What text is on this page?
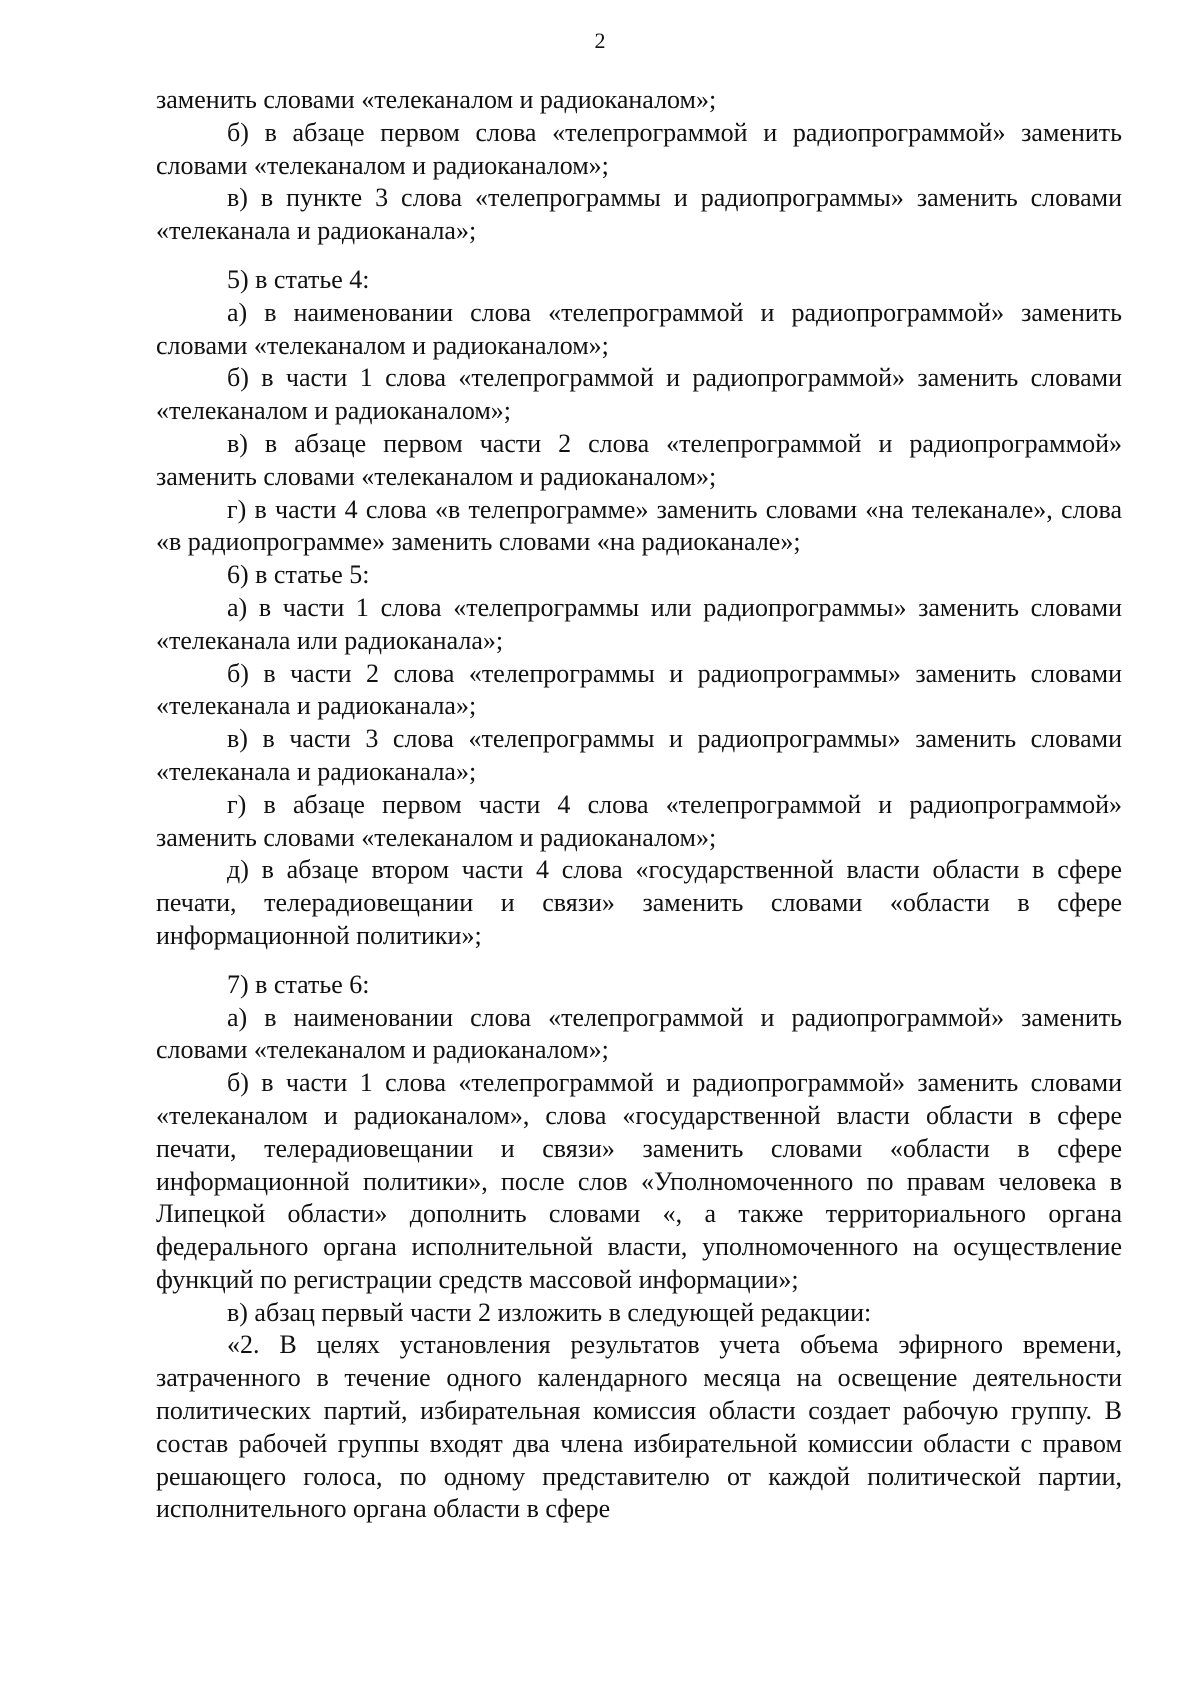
2

заменить словами «телеканалом и радиоканалом»;

б) в абзаце первом слова «телепрограммой и радиопрограммой» заменить словами «телеканалом и радиоканалом»;

в) в пункте 3 слова «телепрограммы и радиопрограммы» заменить словами «телеканала и радиоканала»;

5) в статье 4:

а) в наименовании слова «телепрограммой и радиопрограммой» заменить словами «телеканалом и радиоканалом»;

б) в части 1 слова «телепрограммой и радиопрограммой» заменить словами «телеканалом и радиоканалом»;

в) в абзаце первом части 2 слова «телепрограммой и радиопрограммой» заменить словами «телеканалом и радиоканалом»;

г) в части 4 слова «в телепрограмме» заменить словами «на телеканале», слова «в радиопрограмме» заменить словами «на радиоканале»;

6) в статье 5:

а) в части 1 слова «телепрограммы или радиопрограммы» заменить словами «телеканала или радиоканала»;

б) в части 2 слова «телепрограммы и радиопрограммы» заменить словами «телеканала и радиоканала»;

в) в части 3 слова «телепрограммы и радиопрограммы» заменить словами «телеканала и радиоканала»;

г) в абзаце первом части 4 слова «телепрограммой и радиопрограммой» заменить словами «телеканалом и радиоканалом»;

д) в абзаце втором части 4 слова «государственной власти области в сфере печати, телерадиовещании и связи» заменить словами «области в сфере информационной политики»;

7) в статье 6:

а) в наименовании слова «телепрограммой и радиопрограммой» заменить словами «телеканалом и радиоканалом»;

б) в части 1 слова «телепрограммой и радиопрограммой» заменить словами «телеканалом и радиоканалом», слова «государственной власти области в сфере печати, телерадиовещании и связи» заменить словами «области в сфере информационной политики», после слов «Уполномоченного по правам человека в Липецкой области» дополнить словами «, а также территориального органа федерального органа исполнительной власти, уполномоченного на осуществление функций по регистрации средств массовой информации»;

в) абзац первый части 2 изложить в следующей редакции:

«2. В целях установления результатов учета объема эфирного времени, затраченного в течение одного календарного месяца на освещение деятельности политических партий, избирательная комиссия области создает рабочую группу. В состав рабочей группы входят два члена избирательной комиссии области с правом решающего голоса, по одному представителю от каждой политической партии, исполнительного органа области в сфере
